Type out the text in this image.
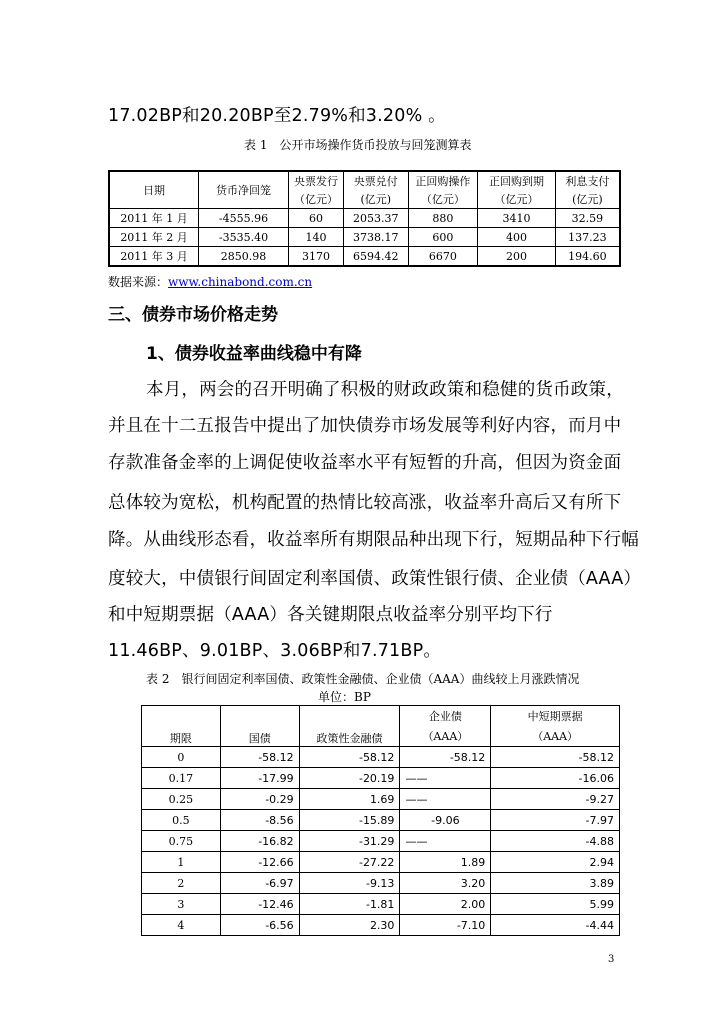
17.02BP和20.20BP至2.79%和3.20% 。
表 1　公开市场操作货币投放与回笼测算表
日期	货币净回笼	央票发行	央票兑付	正回购操作	正回购到期	利息支付
		（亿元）	(亿元)	（亿元）	（亿元）	(亿元)
2011 年 1 月	-4555.96	60	2053.37	880	3410	32.59
2011 年 2 月	-3535.40	140	3738.17	600	400	137.23
2011 年 3 月	2850.98	3170	6594.42	6670	200	194.60
数据来源：www.chinabond.com.cn
三、债券市场价格走势
1、债券收益率曲线稳中有降
本月，两会的召开明确了积极的财政政策和稳健的货币政策，
并且在十二五报告中提出了加快债券市场发展等利好内容，而月中
存款准备金率的上调促使收益率水平有短暂的升高，但因为资金面
总体较为宽松，机构配置的热情比较高涨，收益率升高后又有所下
降。从曲线形态看，收益率所有期限品种出现下行，短期品种下行幅
度较大，中债银行间固定利率国债、政策性银行债、企业债（AAA）
和中短期票据（AAA）各关键期限点收益率分别平均下行
11.46BP、9.01BP、3.06BP和7.71BP。
表 2　银行间固定利率国债、政策性金融债、企业债（AAA）曲线较上月涨跌情况
单位：BP
期限	国债	政策性金融债	企业债	中短期票据
			（AAA）	（AAA）
0	-58.12	-58.12	-58.12	-58.12
0.17	-17.99	-20.19	——	-16.06
0.25	-0.29	1.69	——	-9.27
0.5	-8.56	-15.89	-9.06	-7.97
0.75	-16.82	-31.29	——	-4.88
1	-12.66	-27.22	1.89	2.94
2	-6.97	-9.13	3.20	3.89
3	-12.46	-1.81	2.00	5.99
4	-6.56	2.30	-7.10	-4.44
3
